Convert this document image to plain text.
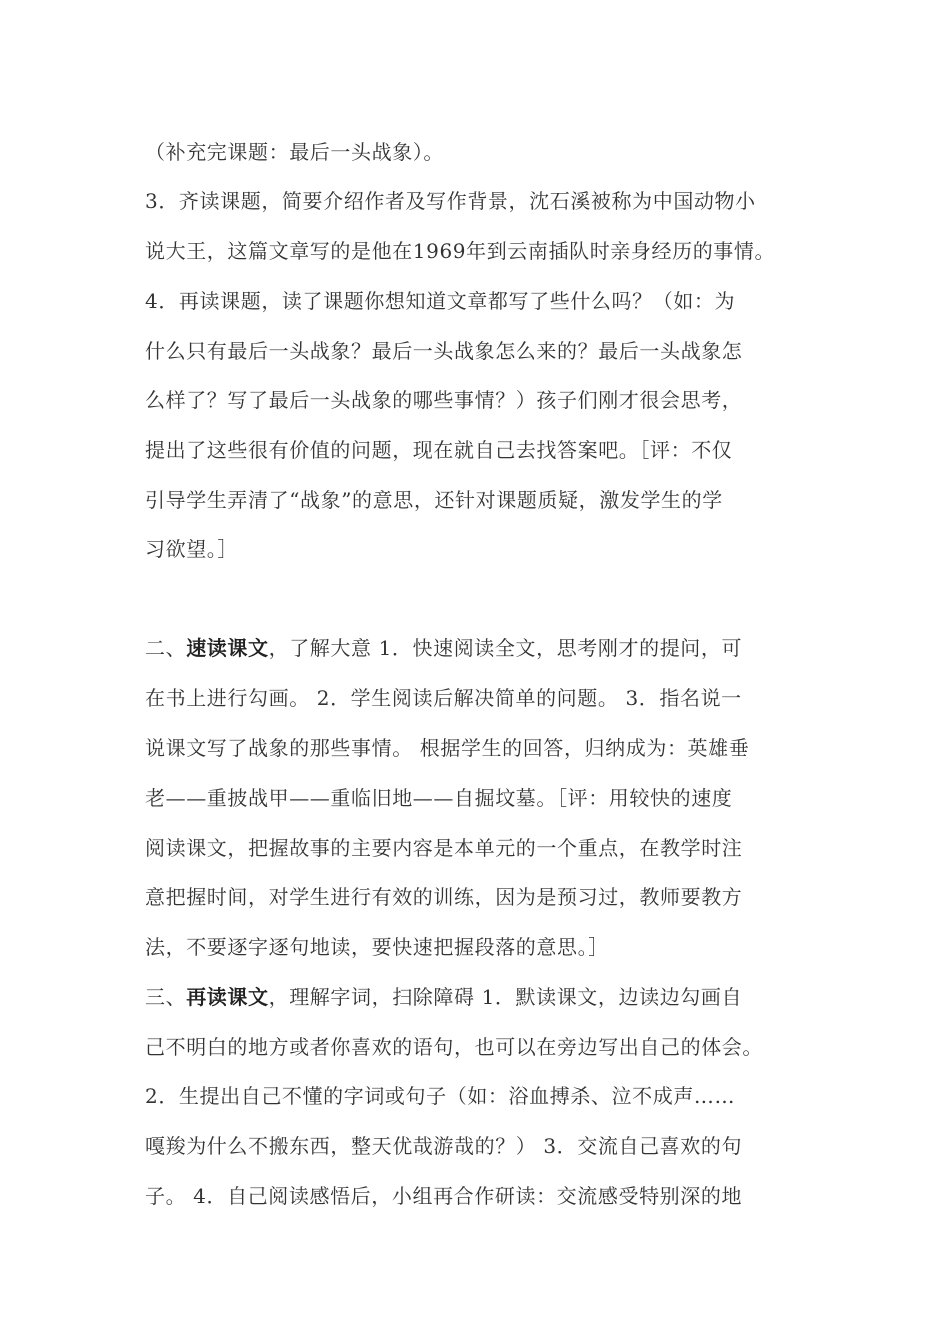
（补充完课题：最后一头战象）。
3．齐读课题，简要介绍作者及写作背景，沈石溪被称为中国动物小
说大王，这篇文章写的是他在1969年到云南插队时亲身经历的事情。
4．再读课题，读了课题你想知道文章都写了些什么吗？（如：为
什么只有最后一头战象？最后一头战象怎么来的？最后一头战象怎
么样了？写了最后一头战象的哪些事情？）孩子们刚才很会思考，
提出了这些很有价值的问题，现在就自己去找答案吧。［评：不仅
引导学生弄清了“战象”的意思，还针对课题质疑，激发学生的学
习欲望。］
二、速读课文，了解大意 1．快速阅读全文，思考刚才的提问，可
在书上进行勾画。 2．学生阅读后解决简单的问题。 3．指名说一
说课文写了战象的那些事情。 根据学生的回答，归纳成为：英雄垂
老——重披战甲——重临旧地——自掘坟墓。［评：用较快的速度
阅读课文，把握故事的主要内容是本单元的一个重点，在教学时注
意把握时间，对学生进行有效的训练，因为是预习过，教师要教方
法，不要逐字逐句地读，要快速把握段落的意思。］
三、再读课文，理解字词，扫除障碍 1．默读课文，边读边勾画自
己不明白的地方或者你喜欢的语句，也可以在旁边写出自己的体会。
2．生提出自己不懂的字词或句子（如：浴血搏杀、泣不成声……
嘎羧为什么不搬东西，整天优哉游哉的？） 3．交流自己喜欢的句
子。 4．自己阅读感悟后，小组再合作研读：交流感受特别深的地
